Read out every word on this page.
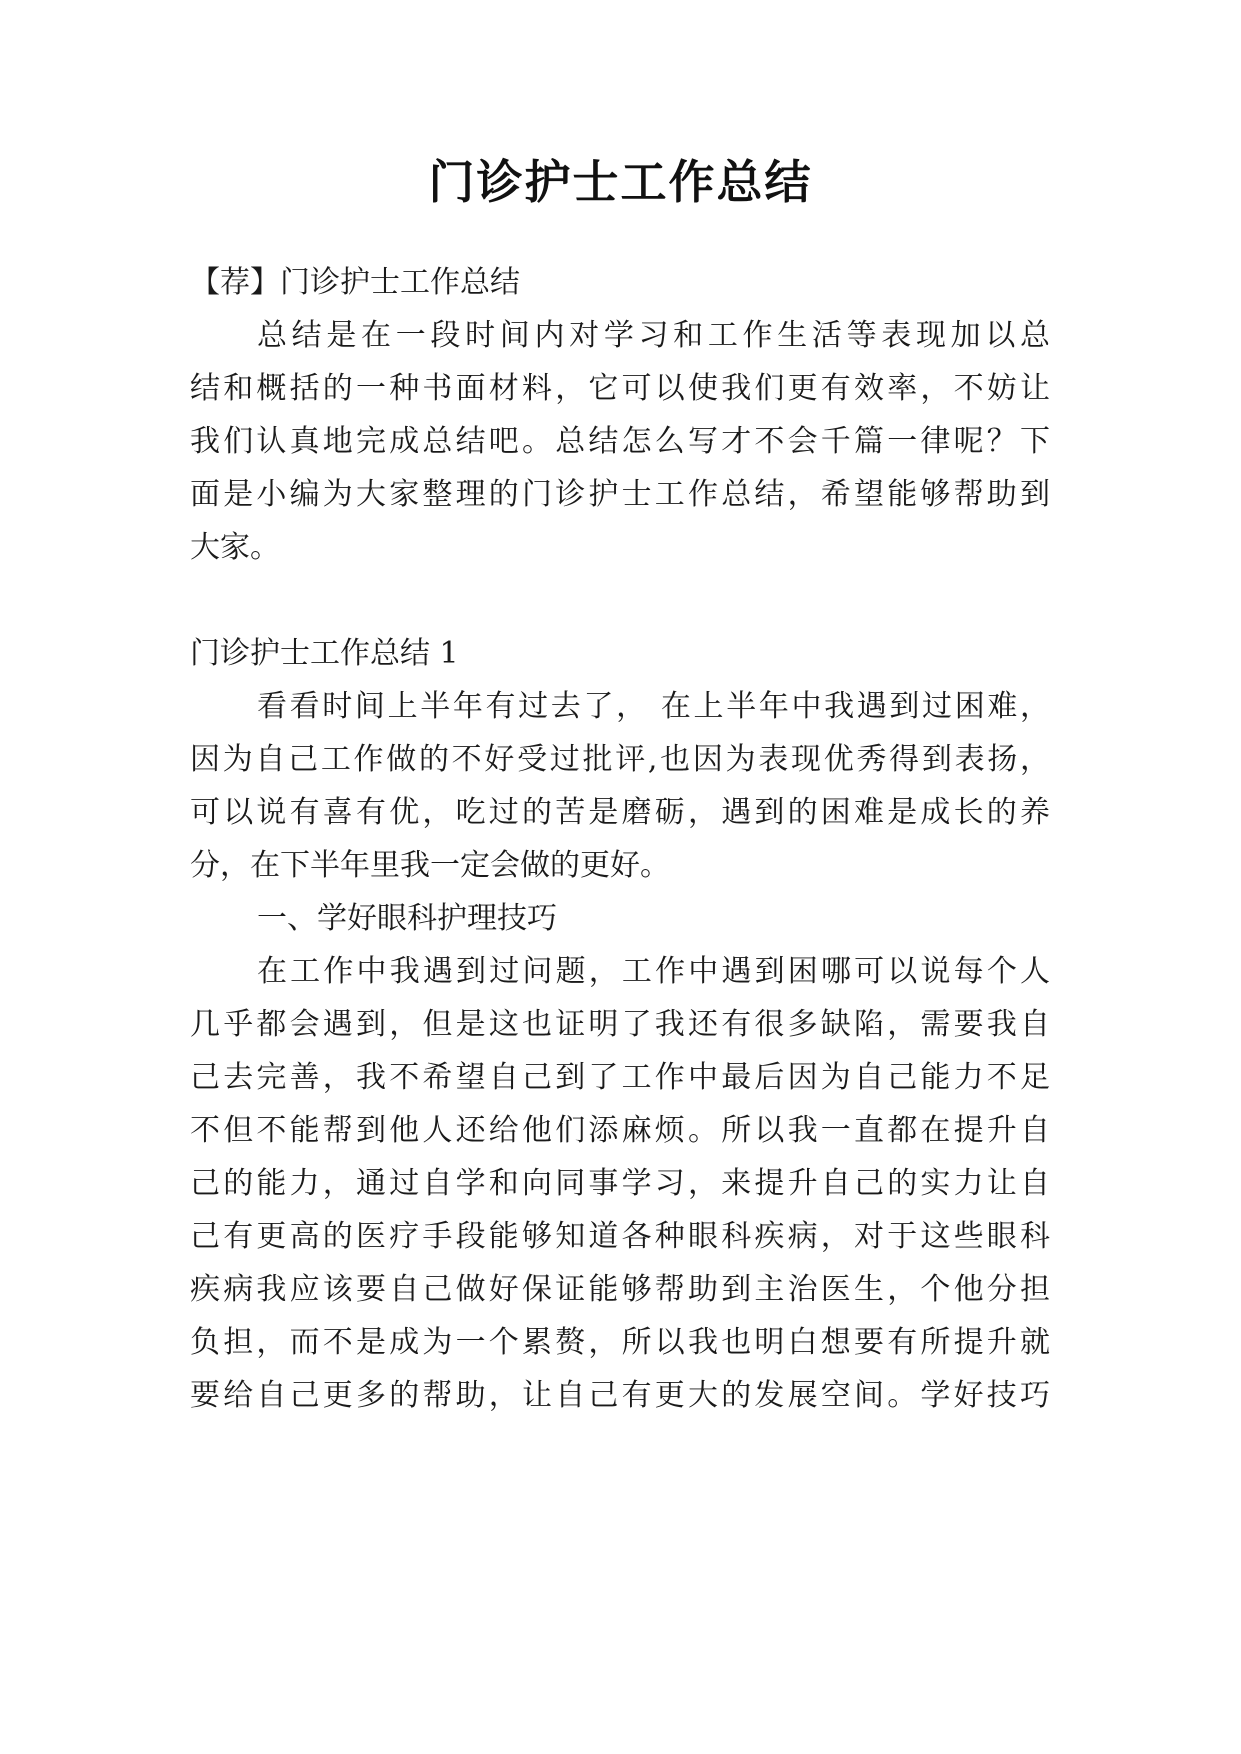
门诊护士工作总结
【荐】门诊护士工作总结
总结是在一段时间内对学习和工作生活等表现加以总
结和概括的一种书面材料，它可以使我们更有效率，不妨让
我们认真地完成总结吧。总结怎么写才不会千篇一律呢？下
面是小编为大家整理的门诊护士工作总结，希望能够帮助到
大家。
门诊护士工作总结 1
看看时间上半年有过去了， 在上半年中我遇到过困难，
因为自己工作做的不好受过批评,也因为表现优秀得到表扬，
可以说有喜有优，吃过的苦是磨砺，遇到的困难是成长的养
分，在下半年里我一定会做的更好。
一、学好眼科护理技巧
在工作中我遇到过问题，工作中遇到困哪可以说每个人
几乎都会遇到，但是这也证明了我还有很多缺陷，需要我自
己去完善，我不希望自己到了工作中最后因为自己能力不足
不但不能帮到他人还给他们添麻烦。所以我一直都在提升自
己的能力，通过自学和向同事学习，来提升自己的实力让自
己有更高的医疗手段能够知道各种眼科疾病，对于这些眼科
疾病我应该要自己做好保证能够帮助到主治医生，个他分担
负担，而不是成为一个累赘，所以我也明白想要有所提升就
要给自己更多的帮助，让自己有更大的发展空间。学好技巧
